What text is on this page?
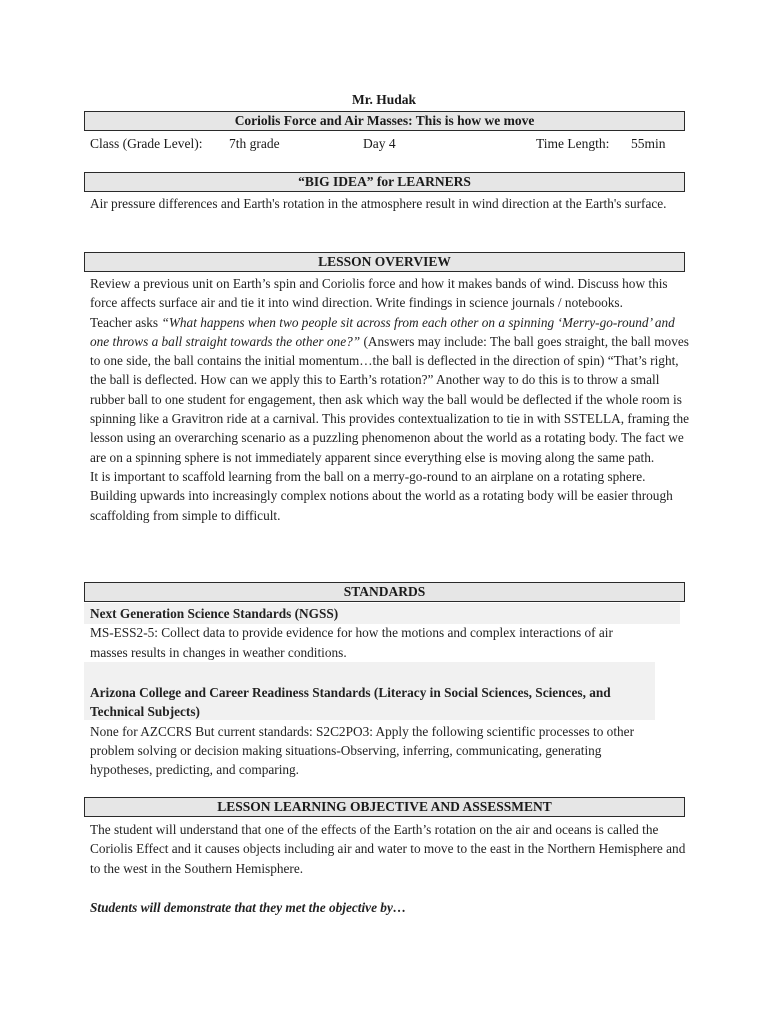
Mr. Hudak
Coriolis Force and Air Masses: This is how we move
Class (Grade Level): 7th grade	Day 4	Time Length: 55min
“BIG IDEA” for LEARNERS
Air pressure differences and Earth's rotation in the atmosphere result in wind direction at the Earth's surface.
LESSON OVERVIEW

Review a previous unit on Earth’s spin and Coriolis force and how it makes bands of wind. Discuss how this force affects surface air and tie it into wind direction. Write findings in science journals / notebooks.

Teacher asks “What happens when two people sit across from each other on a spinning ‘Merry-go-round’ and one throws a ball straight towards the other one?” (Answers may include: The ball goes straight, the ball moves to one side, the ball contains the initial momentum…the ball is deflected in the direction of spin) “That’s right, the ball is deflected. How can we apply this to Earth’s rotation?” Another way to do this is to throw a small rubber ball to one student for engagement, then ask which way the ball would be deflected if the whole room is spinning like a Gravitron ride at a carnival. This provides contextualization to tie in with SSTELLA, framing the lesson using an overarching scenario as a puzzling phenomenon about the world as a rotating body. The fact we are on a spinning sphere is not immediately apparent since everything else is moving along the same path.

It is important to scaffold learning from the ball on a merry-go-round to an airplane on a rotating sphere. Building upwards into increasingly complex notions about the world as a rotating body will be easier through scaffolding from simple to difficult.

STANDARDS

Next Generation Science Standards (NGSS)

MS-ESS2-5: Collect data to provide evidence for how the motions and complex interactions of air masses results in changes in weather conditions.

Arizona College and Career Readiness Standards (Literacy in Social Sciences, Sciences, and Technical Subjects)

None for AZCCRS But current standards: S2C2PO3: Apply the following scientific processes to other problem solving or decision making situations-Observing, inferring, communicating, generating hypotheses, predicting, and comparing.

LESSON LEARNING OBJECTIVE AND ASSESSMENT
The student will understand that one of the effects of the Earth’s rotation on the air and oceans is called the Coriolis Effect and it causes objects including air and water to move to the east in the Northern Hemisphere and to the west in the Southern Hemisphere.
Students will demonstrate that they met the objective by…
